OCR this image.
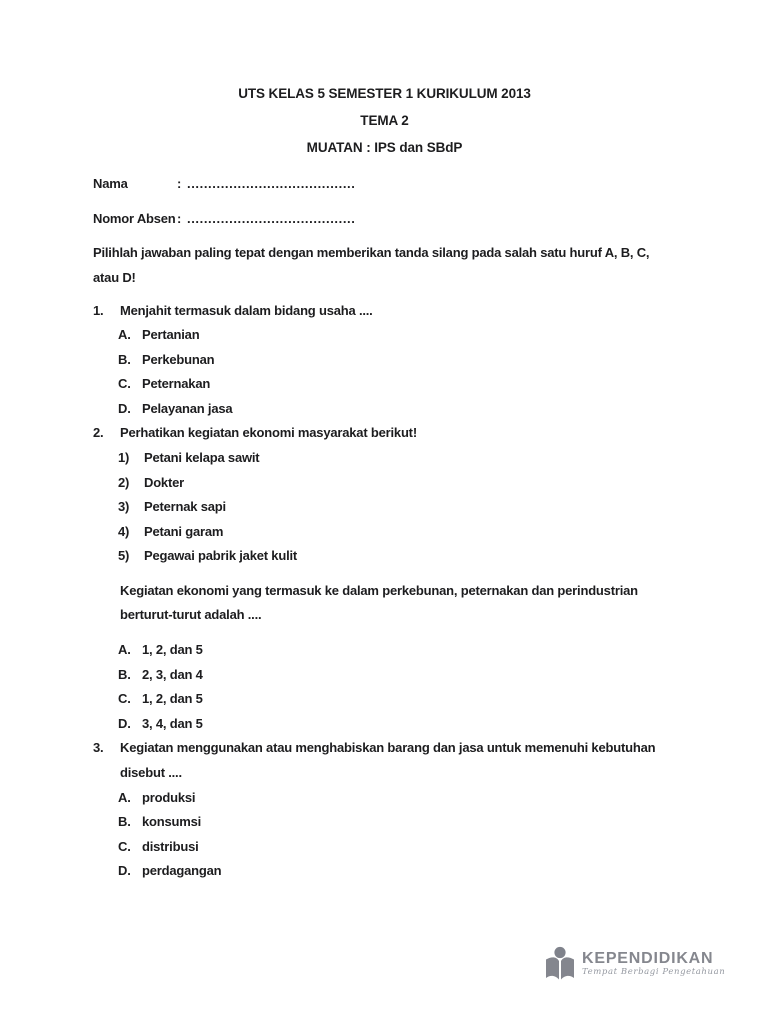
UTS KELAS 5 SEMESTER 1 KURIKULUM 2013
TEMA 2
MUATAN : IPS dan SBdP
Nama	: ........................................
Nomor Absen : ........................................

Pilihlah jawaban paling tepat dengan memberikan tanda silang pada salah satu huruf A, B, C, atau D!

1.	Menjahit termasuk dalam bidang usaha ....
A. Pertanian
B. Perkebunan
C. Peternakan
D. Pelayanan jasa
2.	Perhatikan kegiatan ekonomi masyarakat berikut!
1)	Petani kelapa sawit
2)	Dokter
3)	Peternak sapi
4)	Petani garam
5)	Pegawai pabrik jaket kulit
Kegiatan ekonomi yang termasuk ke dalam perkebunan, peternakan dan perindustrian berturut-turut adalah ....
A. 1, 2, dan 5
B. 2, 3, dan 4
C. 1, 2, dan 5
D. 3, 4, dan 5
3.	Kegiatan menggunakan atau menghabiskan barang dan jasa untuk memenuhi kebutuhan disebut ....
A. produksi
B. konsumsi
C. distribusi
D. perdagangan
KEPENDIDIKAN
Tempat Berbagi Pengetahuan
